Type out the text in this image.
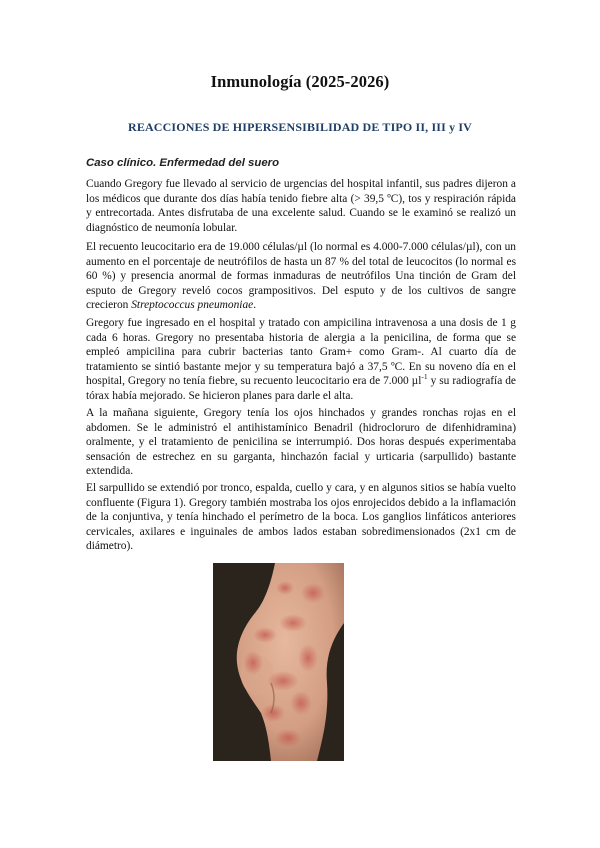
Inmunología (2025-2026)
REACCIONES DE HIPERSENSIBILIDAD DE TIPO II, III y IV
Caso clínico. Enfermedad del suero

Cuando Gregory fue llevado al servicio de urgencias del hospital infantil, sus padres dijeron a los médicos que durante dos días había tenido fiebre alta (> 39,5 ºC), tos y respiración rápida y entrecortada. Antes disfrutaba de una excelente salud. Cuando se le examinó se realizó un diagnóstico de neumonía lobular.

El recuento leucocitario era de 19.000 células/µl (lo normal es 4.000-7.000 células/µl), con un aumento en el porcentaje de neutrófilos de hasta un 87 % del total de leucocitos (lo normal es 60 %) y presencia anormal de formas inmaduras de neutrófilos Una tinción de Gram del esputo de Gregory reveló cocos grampositivos. Del esputo y de los cultivos de sangre crecieron Streptococcus pneumoniae.

Gregory fue ingresado en el hospital y tratado con ampicilina intravenosa a una dosis de 1 g cada 6 horas. Gregory no presentaba historia de alergia a la penicilina, de forma que se empleó ampicilina para cubrir bacterias tanto Gram+ como Gram-. Al cuarto día de tratamiento se sintió bastante mejor y su temperatura bajó a 37,5 ºC. En su noveno día en el hospital, Gregory no tenía fiebre, su recuento leucocitario era de 7.000 µl$^{-1}$ y su radiografía de tórax había mejorado. Se hicieron planes para darle el alta.

A la mañana siguiente, Gregory tenía los ojos hinchados y grandes ronchas rojas en el abdomen. Se le administró el antihistamínico Benadril (hidrocloruro de difenhidramina) oralmente, y el tratamiento de penicilina se interrumpió. Dos horas después experimentaba sensación de estrechez en su garganta, hinchazón facial y urticaria (sarpullido) bastante extendida.

El sarpullido se extendió por tronco, espalda, cuello y cara, y en algunos sitios se había vuelto confluente (Figura 1). Gregory también mostraba los ojos enrojecidos debido a la inflamación de la conjuntiva, y tenía hinchado el perímetro de la boca. Los ganglios linfáticos anteriores cervicales, axilares e inguinales de ambos lados estaban sobredimensionados (2x1 cm de diámetro).
